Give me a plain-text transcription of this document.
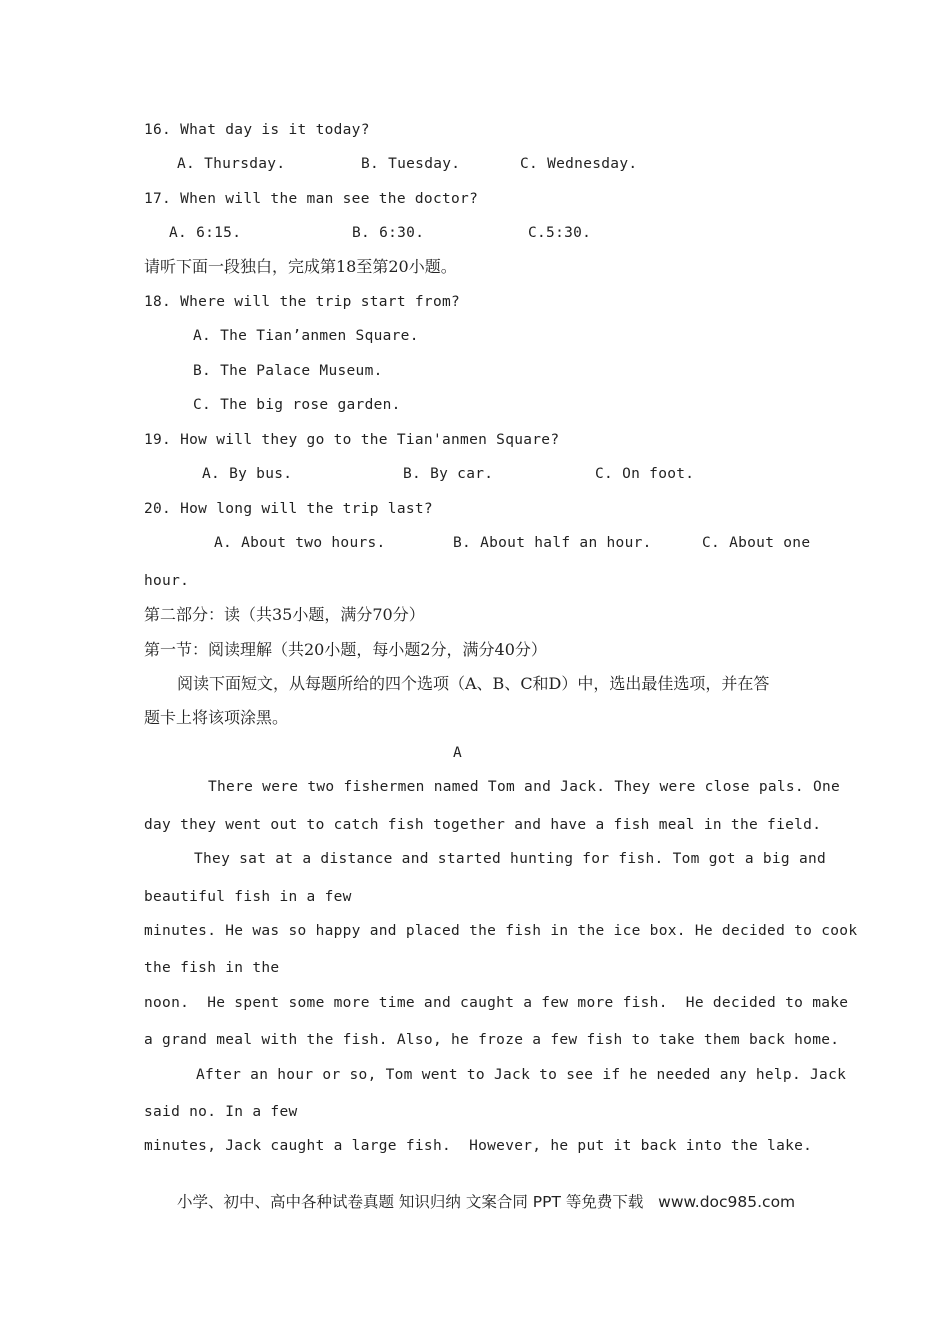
16. What day is it today?
A. Thursday.	B. Tuesday.	C. Wednesday.
17. When will the man see the doctor?
A. 6:15.	B. 6:30.	C.5:30.
请听下面一段独白，完成第18至第20小题。
18. Where will the trip start from?
A. The Tian’anmen Square.
B. The Palace Museum.
C. The big rose garden.
19. How will they go to the Tian'anmen Square?
A. By bus.	B. By car.	C. On foot.
20. How long will the trip last?
A. About two hours.	B. About half an hour.	C. About one
hour.
第二部分：读（共35小题，满分70分）
第一节：阅读理解（共20小题，每小题2分，满分40分）
阅读下面短文，从每题所给的四个选项（A、B、C和D）中，选出最佳选项，并在答
题卡上将该项涂黑。
A
There were two fishermen named Tom and Jack. They were close pals. One
day they went out to catch fish together and have a fish meal in the field.
They sat at a distance and started hunting for fish. Tom got a big and
beautiful fish in a few
minutes. He was so happy and placed the fish in the ice box. He decided to cook
the fish in the
noon.  He spent some more time and caught a few more fish.  He decided to make
a grand meal with the fish. Also, he froze a few fish to take them back home.
After an hour or so, Tom went to Jack to see if he needed any help. Jack
said no. In a few
minutes, Jack caught a large fish.  However, he put it back into the lake.
小学、初中、高中各种试卷真题 知识归纳 文案合同 PPT 等免费下载   www.doc985.com
